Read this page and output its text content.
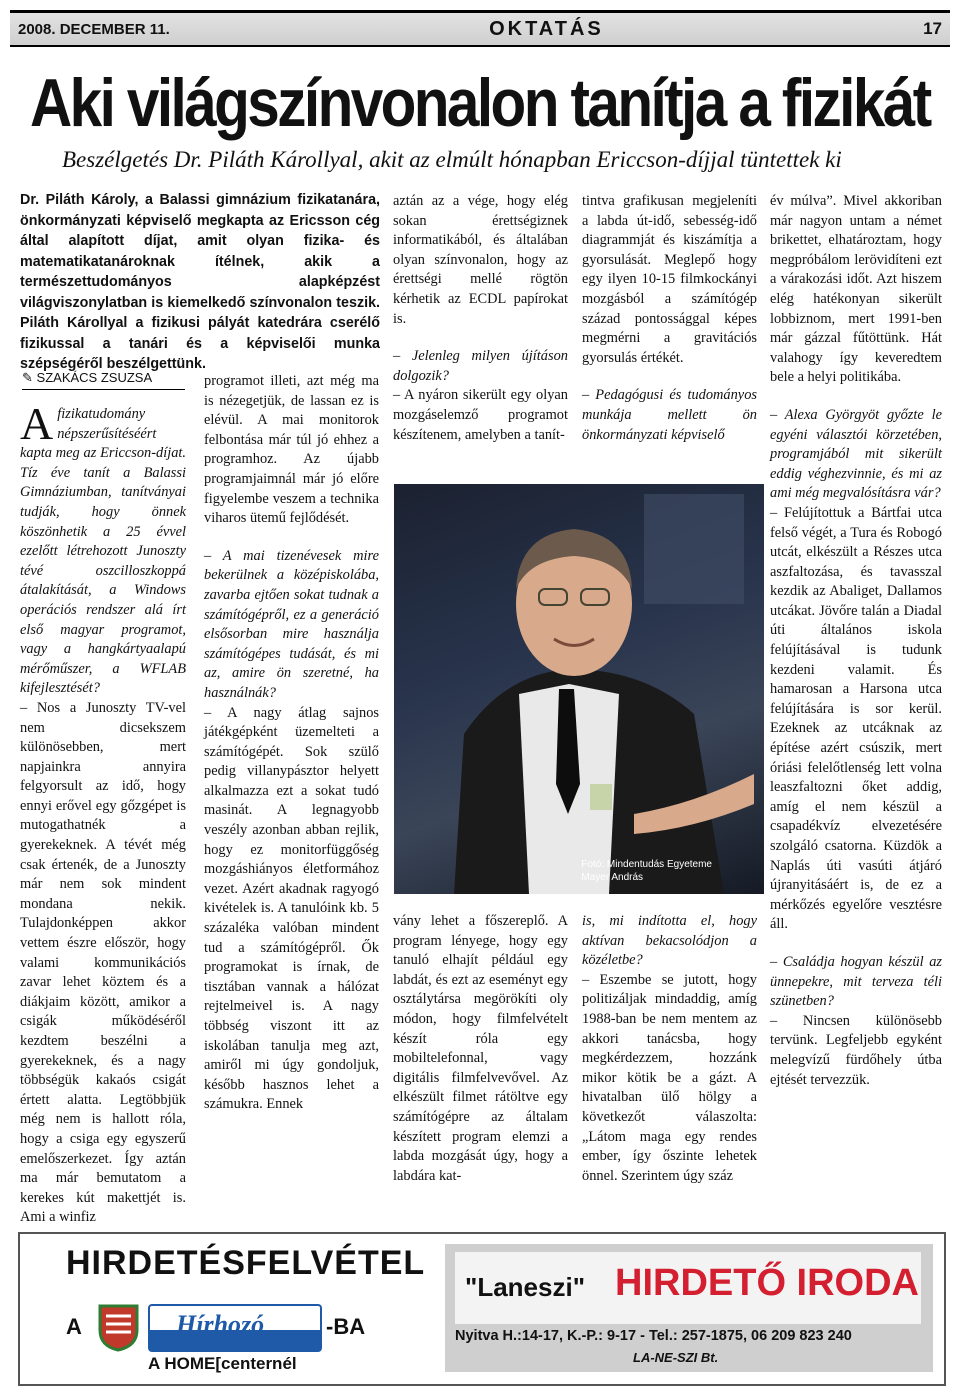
2008. DECEMBER 11.	OKTATÁS	17
Aki világszínvonalon tanítja a fizikát
Beszélgetés Dr. Piláth Károllyal, akit az elmúlt hónapban Ericcson-díjjal tüntettek ki
Dr. Piláth Károly, a Balassi gimnázium fizikatanára, önkormányzati képviselő megkapta az Ericsson cég által alapított díjat, amit olyan fizika- és matematikatanároknak ítélnek, akik a természettudományos alapképzést világviszonylatban is kiemelkedő színvonalon teszik. Piláth Károllyal a fizikusi pályát katedrára cserélő fizikussal a tanári és a képviselői munka szépségéről beszélgettünk.
✎ SZAKÁCS ZSUZSA

Afizikatudomány népszerűsítéséért kapta meg az Ericcson-díjat. Tíz éve tanít a Balassi Gimnáziumban, tanítványai tudják, hogy önnek köszönhetik a 25 évvel ezelőtt létrehozott Junoszty tévé oszcilloszkoppá átalakítását, a Windows operációs rendszer alá írt első magyar programot, vagy a hangkártyaalapú mérőműszer, a WFLAB kifejlesztését?

– Nos a Junoszty TV-vel nem dicsekszem különösebben, mert napjainkra annyira felgyorsult az idő, hogy ennyi erővel egy gőzgépet is mutogathatnék a gyerekeknek. A tévét még csak értenék, de a Junoszty már nem sok mindent mondana nekik. Tulajdonképpen akkor vettem észre először, hogy valami kommunikációs zavar lehet köztem és a diákjaim között, amikor a csigák működéséről kezdtem beszélni a gyerekeknek, és a nagy többségük kakaós csigát értett alatta. Legtöbbjük még nem is hallott róla, hogy a csiga egy egyszerű emelőszerkezet. Így aztán ma már bemutatom a kerekes kút makettjét is. Ami a winfiz

programot illeti, azt még ma is nézegetjük, de lassan ez is elévül. A mai monitorok felbontása már túl jó ehhez a programhoz. Az újabb programjaimnál már jó előre figyelembe veszem a technika viharos ütemű fejlődését.

– A mai tizenévesek mire bekerülnek a középiskolába, zavarba ejtően sokat tudnak a számítógépről, ez a generáció elsősorban mire használja számítógépes tudását, és mi az, amire ön szeretné, ha használnák?

– A nagy átlag sajnos játékgépként üzemelteti a számítógépét. Sok szülő pedig villanypásztor helyett alkalmazza ezt a sokat tudó masinát. A legnagyobb veszély azonban abban rejlik, hogy ez monitorfüggőség mozgáshiányos életformához vezet. Azért akadnak ragyogó kivételek is. A tanulóink kb. 5 százaléka valóban mindent tud a számítógépről. Ők programokat is írnak, de tisztában vannak a hálózat rejtelmeivel is. A nagy többség viszont itt az iskolában tanulja meg azt, amiről mi úgy gondoljuk, később hasznos lehet a számukra. Ennek

aztán az a vége, hogy elég sokan érettségiznek informatikából, és általában olyan színvonalon, hogy az érettségi mellé rögtön kérhetik az ECDL papírokat is.

– Jelenleg milyen újításon dolgozik?

– A nyáron sikerült egy olyan mozgáselemző programot készítenem, amelyben a tanít-

tintva grafikusan megjeleníti a labda út-idő, sebesség-idő diagrammját és kiszámítja a gyorsulását. Meglepő hogy egy ilyen 10-15 filmkockányi mozgásból a számítógép század pontossággal képes megmérni a gravitációs gyorsulás értékét.

– Pedagógusi és tudományos munkája mellett ön önkormányzati képviselő

Fotó: Mindentudás Egyeteme
Mayer András

vány lehet a főszereplő. A program lényege, hogy egy tanuló elhajít például egy labdát, és ezt az eseményt egy osztálytársa megörökíti oly módon, hogy filmfelvételt készít róla egy mobiltelefonnal, vagy digitális filmfelvevővel. Az elkészült filmet rátöltve egy számítógépre az általam készített program elemzi a labda mozgását úgy, hogy a labdára kat-

is, mi indította el, hogy aktívan bekacsolódjon a közéletbe?

– Eszembe se jutott, hogy politizáljak mindaddig, amíg 1988-ban be nem mentem az akkori tanácsba, hogy megkérdezzem, hozzánk mikor kötik be a gázt. A hivatalban ülő hölgy a következőt válaszolta: „Látom maga egy rendes ember, így őszinte lehetek önnel. Szerintem úgy száz

év múlva”. Mivel akkoriban már nagyon untam a német brikettet, elhatároztam, hogy megpróbálom lerövidíteni ezt a várakozási időt. Azt hiszem elég hatékonyan sikerült lobbiznom, mert 1991-ben már gázzal fűtöttünk. Hát valahogy így keveredtem bele a helyi politikába.

– Alexa Györgyöt győzte le egyéni választói körzetében, programjából mit sikerült eddig véghezvinnie, és mi az ami még megvalósításra vár?

– Felújítottuk a Bártfai utca felső végét, a Tura és Robogó utcát, elkészült a Részes utca aszfaltozása, és tavasszal kezdik az Abaliget, Dallamos utcákat. Jövőre talán a Diadal úti általános iskola felújításával is tudunk kezdeni valamit. És hamarosan a Harsona utca felújítására is sor kerül. Ezeknek az utcáknak az építése azért csúszik, mert óriási felelőtlenség lett volna leaszfaltozni őket addig, amíg el nem készül a csapadékvíz elvezetésére szolgáló csatorna. Küzdök a Naplás úti vasúti átjáró újranyitásáért is, de ez a mérkőzés egyelőre vesztésre áll.

– Családja hogyan készül az ünnepekre, mit terveza téli szünetben?

– Nincsen különösebb tervünk. Legfeljebb egyként melegvízű fürdőhely útba ejtését tervezzük.

HIRDETÉSFELVÉTEL
A	Hírhozó	-BA
A HOME[centernél
"Laneszi" HIRDETŐ IRODA
Nyitva H.:14-17, K.-P.: 9-17 - Tel.: 257-1875, 06 209 823 240
LA-NE-SZI Bt.
